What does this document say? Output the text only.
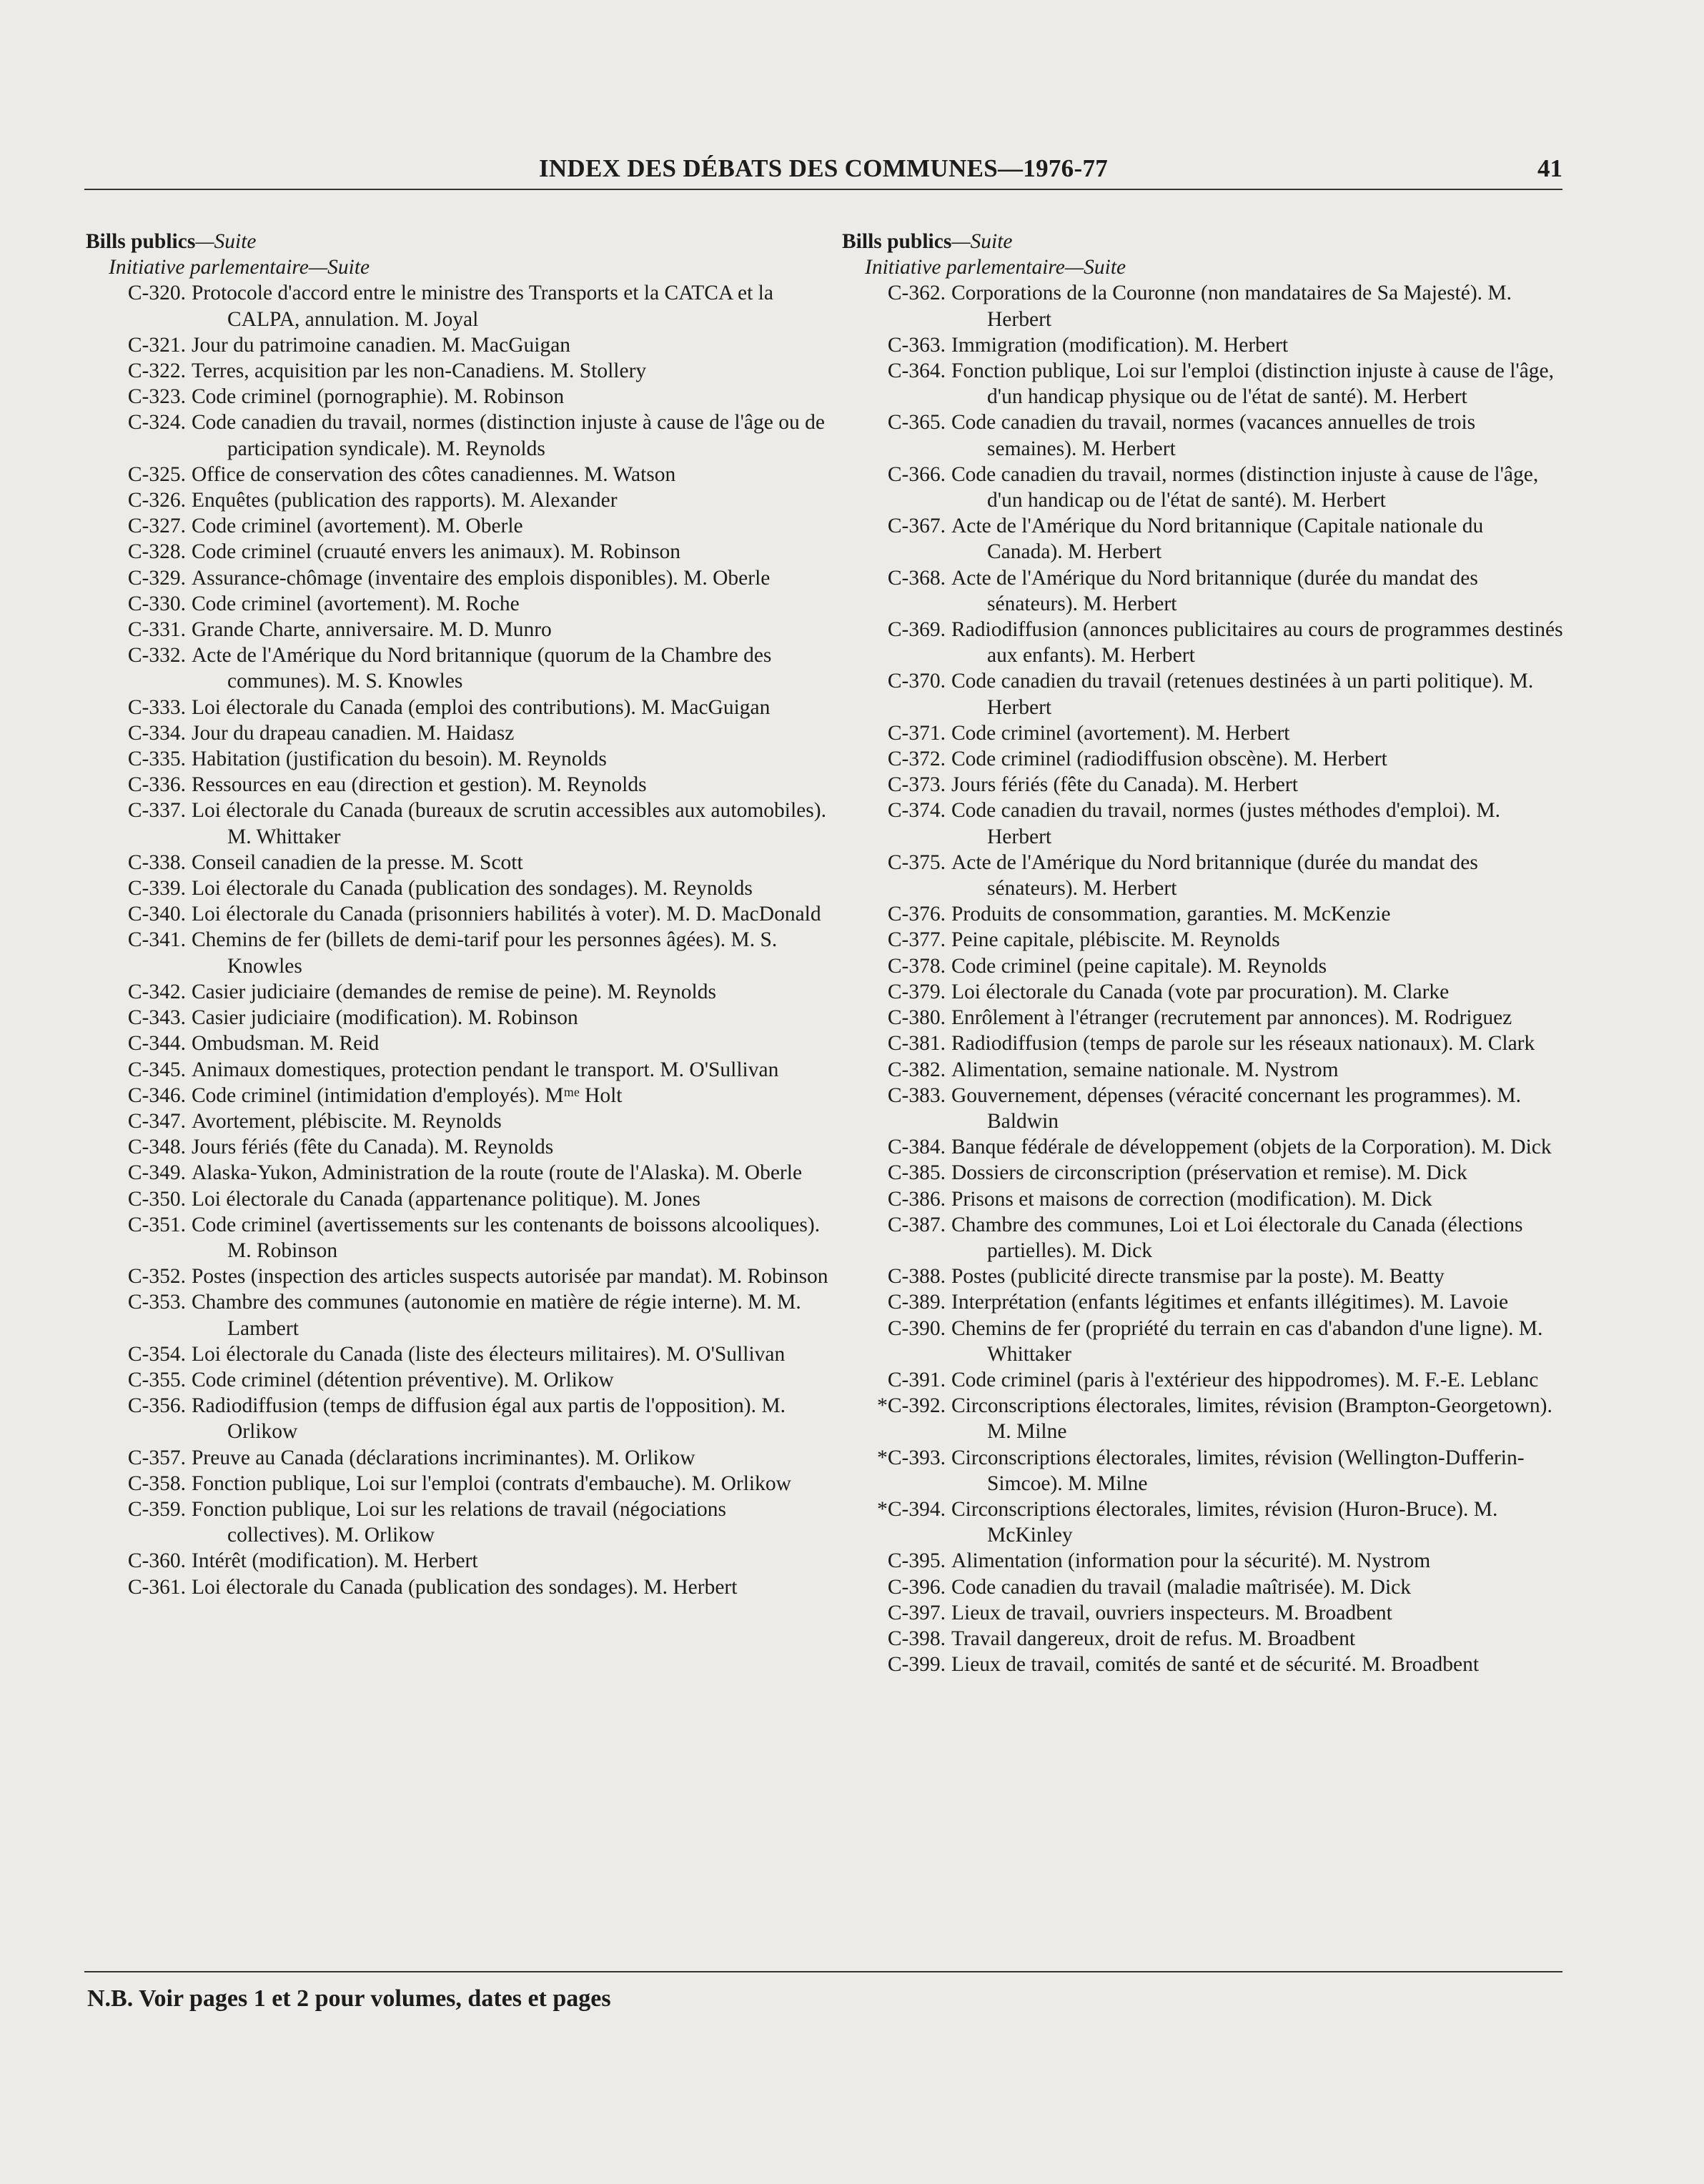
INDEX DES DÉBATS DES COMMUNES—1976-77	41
Bills publics—Suite
Initiative parlementaire—Suite
C-320. Protocole d'accord entre le ministre des Transports et la CATCA et la CALPA, annulation. M. Joyal
C-321. Jour du patrimoine canadien. M. MacGuigan
C-322. Terres, acquisition par les non-Canadiens. M. Stollery
C-323. Code criminel (pornographie). M. Robinson
C-324. Code canadien du travail, normes (distinction injuste à cause de l'âge ou de participation syndicale). M. Reynolds
C-325. Office de conservation des côtes canadiennes. M. Watson
C-326. Enquêtes (publication des rapports). M. Alexander
C-327. Code criminel (avortement). M. Oberle
C-328. Code criminel (cruauté envers les animaux). M. Robinson
C-329. Assurance-chômage (inventaire des emplois disponibles). M. Oberle
C-330. Code criminel (avortement). M. Roche
C-331. Grande Charte, anniversaire. M. D. Munro
C-332. Acte de l'Amérique du Nord britannique (quorum de la Chambre des communes). M. S. Knowles
C-333. Loi électorale du Canada (emploi des contributions). M. MacGuigan
C-334. Jour du drapeau canadien. M. Haidasz
C-335. Habitation (justification du besoin). M. Reynolds
C-336. Ressources en eau (direction et gestion). M. Reynolds
C-337. Loi électorale du Canada (bureaux de scrutin accessibles aux automobiles). M. Whittaker
C-338. Conseil canadien de la presse. M. Scott
C-339. Loi électorale du Canada (publication des sondages). M. Reynolds
C-340. Loi électorale du Canada (prisonniers habilités à voter). M. D. MacDonald
C-341. Chemins de fer (billets de demi-tarif pour les personnes âgées). M. S. Knowles
C-342. Casier judiciaire (demandes de remise de peine). M. Reynolds
C-343. Casier judiciaire (modification). M. Robinson
C-344. Ombudsman. M. Reid
C-345. Animaux domestiques, protection pendant le transport. M. O'Sullivan
C-346. Code criminel (intimidation d'employés). Mᵐᵉ Holt
C-347. Avortement, plébiscite. M. Reynolds
C-348. Jours fériés (fête du Canada). M. Reynolds
C-349. Alaska-Yukon, Administration de la route (route de l'Alaska). M. Oberle
C-350. Loi électorale du Canada (appartenance politique). M. Jones
C-351. Code criminel (avertissements sur les contenants de boissons alcooliques). M. Robinson
C-352. Postes (inspection des articles suspects autorisée par mandat). M. Robinson
C-353. Chambre des communes (autonomie en matière de régie interne). M. M. Lambert
C-354. Loi électorale du Canada (liste des électeurs militaires). M. O'Sullivan
C-355. Code criminel (détention préventive). M. Orlikow
C-356. Radiodiffusion (temps de diffusion égal aux partis de l'opposition). M. Orlikow
C-357. Preuve au Canada (déclarations incriminantes). M. Orlikow
C-358. Fonction publique, Loi sur l'emploi (contrats d'embauche). M. Orlikow
C-359. Fonction publique, Loi sur les relations de travail (négociations collectives). M. Orlikow
C-360. Intérêt (modification). M. Herbert
C-361. Loi électorale du Canada (publication des sondages). M. Herbert
Bills publics—Suite
Initiative parlementaire—Suite
C-362. Corporations de la Couronne (non mandataires de Sa Majesté). M. Herbert
C-363. Immigration (modification). M. Herbert
C-364. Fonction publique, Loi sur l'emploi (distinction injuste à cause de l'âge, d'un handicap physique ou de l'état de santé). M. Herbert
C-365. Code canadien du travail, normes (vacances annuelles de trois semaines). M. Herbert
C-366. Code canadien du travail, normes (distinction injuste à cause de l'âge, d'un handicap ou de l'état de santé). M. Herbert
C-367. Acte de l'Amérique du Nord britannique (Capitale nationale du Canada). M. Herbert
C-368. Acte de l'Amérique du Nord britannique (durée du mandat des sénateurs). M. Herbert
C-369. Radiodiffusion (annonces publicitaires au cours de programmes destinés aux enfants). M. Herbert
C-370. Code canadien du travail (retenues destinées à un parti politique). M. Herbert
C-371. Code criminel (avortement). M. Herbert
C-372. Code criminel (radiodiffusion obscène). M. Herbert
C-373. Jours fériés (fête du Canada). M. Herbert
C-374. Code canadien du travail, normes (justes méthodes d'emploi). M. Herbert
C-375. Acte de l'Amérique du Nord britannique (durée du mandat des sénateurs). M. Herbert
C-376. Produits de consommation, garanties. M. McKenzie
C-377. Peine capitale, plébiscite. M. Reynolds
C-378. Code criminel (peine capitale). M. Reynolds
C-379. Loi électorale du Canada (vote par procuration). M. Clarke
C-380. Enrôlement à l'étranger (recrutement par annonces). M. Rodriguez
C-381. Radiodiffusion (temps de parole sur les réseaux nationaux). M. Clark
C-382. Alimentation, semaine nationale. M. Nystrom
C-383. Gouvernement, dépenses (véracité concernant les programmes). M. Baldwin
C-384. Banque fédérale de développement (objets de la Corporation). M. Dick
C-385. Dossiers de circonscription (préservation et remise). M. Dick
C-386. Prisons et maisons de correction (modification). M. Dick
C-387. Chambre des communes, Loi et Loi électorale du Canada (élections partielles). M. Dick
C-388. Postes (publicité directe transmise par la poste). M. Beatty
C-389. Interprétation (enfants légitimes et enfants illégitimes). M. Lavoie
C-390. Chemins de fer (propriété du terrain en cas d'abandon d'une ligne). M. Whittaker
C-391. Code criminel (paris à l'extérieur des hippodromes). M. F.-E. Leblanc
*C-392. Circonscriptions électorales, limites, révision (Brampton-Georgetown). M. Milne
*C-393. Circonscriptions électorales, limites, révision (Wellington-Dufferin-Simcoe). M. Milne
*C-394. Circonscriptions électorales, limites, révision (Huron-Bruce). M. McKinley
C-395. Alimentation (information pour la sécurité). M. Nystrom
C-396. Code canadien du travail (maladie maîtrisée). M. Dick
C-397. Lieux de travail, ouvriers inspecteurs. M. Broadbent
C-398. Travail dangereux, droit de refus. M. Broadbent
C-399. Lieux de travail, comités de santé et de sécurité. M. Broadbent
N.B. Voir pages 1 et 2 pour volumes, dates et pages
